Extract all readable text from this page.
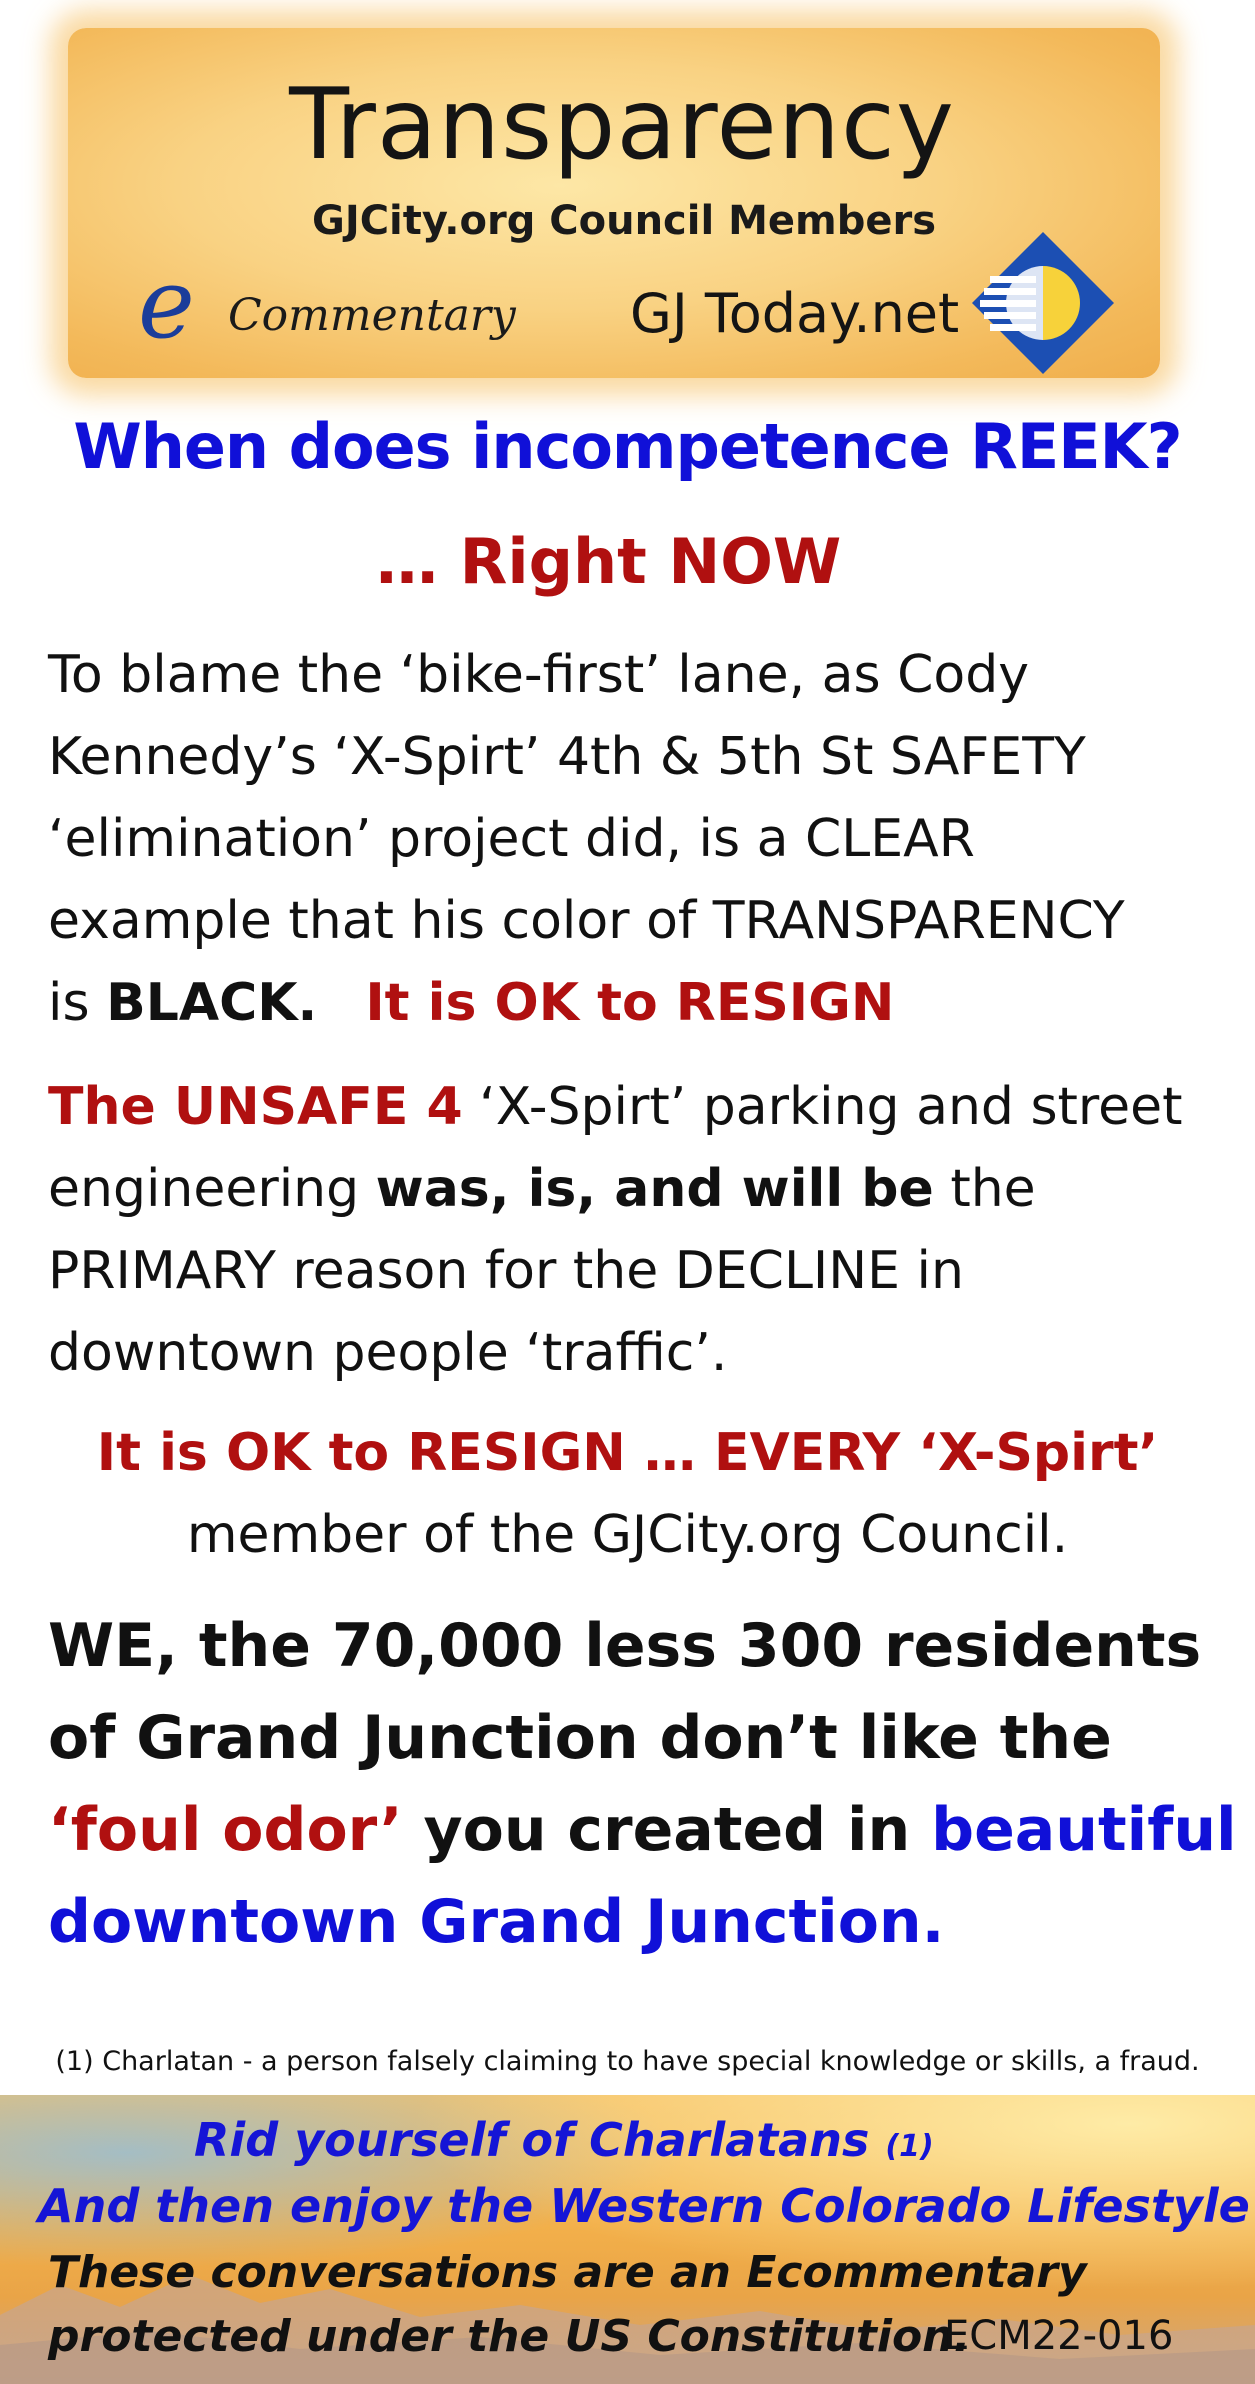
Transparency
GJCity.org Council Members
e Commentary GJ Today.net
When does incompetence REEK?
… Right NOW
To blame the ‘bike-first’ lane, as Cody
Kennedy’s ‘X-Spirt’ 4th & 5th St SAFETY
‘elimination’ project did, is a CLEAR
example that his color of TRANSPARENCY
is BLACK. It is OK to RESIGN
The UNSAFE 4 ‘X-Spirt’ parking and street
engineering was, is, and will be the
PRIMARY reason for the DECLINE in
downtown people ‘traffic’.
It is OK to RESIGN … EVERY ‘X-Spirt’
member of the GJCity.org Council.
WE, the 70,000 less 300 residents
of Grand Junction don’t like the
‘foul odor’ you created in beautiful
downtown Grand Junction.
(1) Charlatan - a person falsely claiming to have special knowledge or skills, a fraud.
Rid yourself of Charlatans (1)
And then enjoy the Western Colorado Lifestyle
These conversations are an Ecommentary
protected under the US Constitution.
ECM22-016
